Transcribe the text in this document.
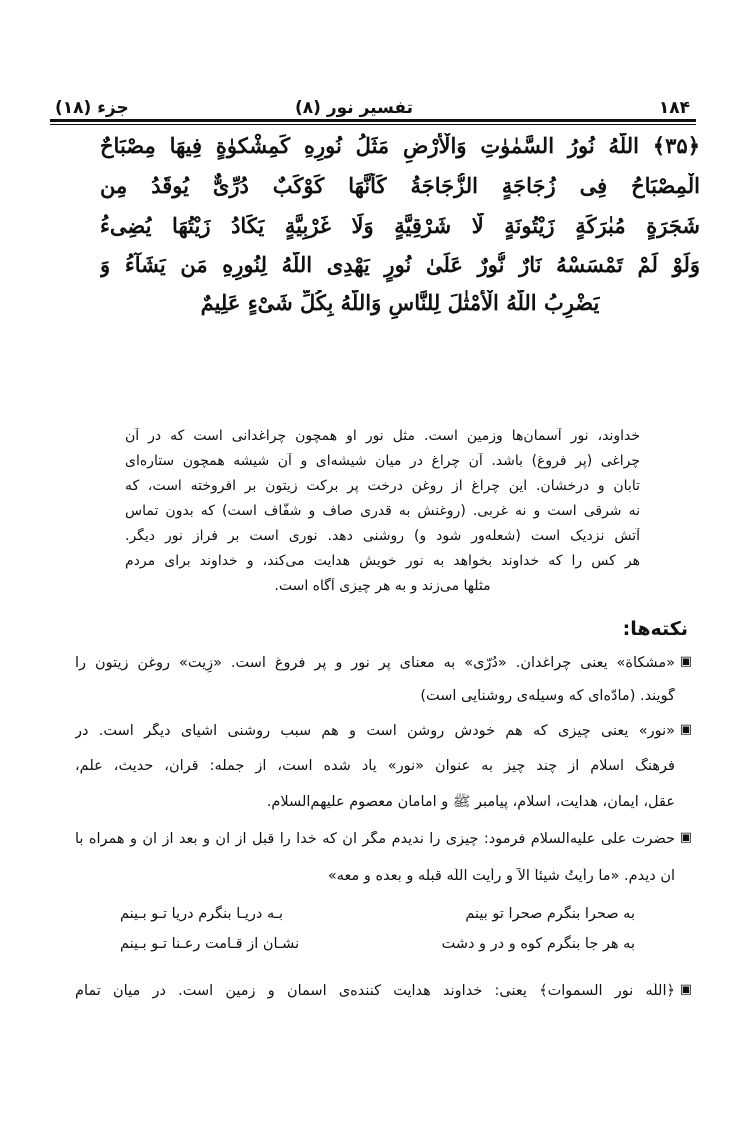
۱۸۴
تفسیر نور (۸)
جزء (۱۸)
﴿۳۵﴾ اللّهُ نُورُ السَّمٰوٰتِ وَالْأَرْضِ مَثَلُ نُورِهِ كَمِشْكوٰةٍ فِيهَا مِصْبَاحٌ
الْمِصْبَاحُ فِى زُجَاجَةٍ الزُّجَاجَةُ كَأَنَّهَا كَوْكَبٌ دُرِّىٌّ يُوقَدُ مِن
شَجَرَةٍ مُبٰرَكَةٍ زَيْتُونَةٍ لَّا شَرْقِيَّةٍ وَلَا غَرْبِيَّةٍ يَكَادُ زَيْتُهَا يُضِىءُ
وَلَوْ لَمْ تَمْسَسْهُ نَارٌ نُّورٌ عَلَىٰ نُورٍ يَهْدِى اللّهُ لِنُورِهِ مَن يَشَآءُ وَ
يَضْرِبُ اللّهُ الْأَمْثٰلَ لِلنَّاسِ وَاللّهُ بِكُلِّ شَىْءٍ عَلِيمٌ
خداوند، نور آسمان‌ها وزمین است. مثل نور او همچون چراغدانی است که در آن
چراغی (پر فروغ) باشد. آن چراغ در میان شیشه‌ای و آن شیشه همچون ستاره‌ای
تابان و درخشان. این چراغ از روغن درخت پر برکت زیتون بر افروخته است، که
نه شرقی است و نه غربی. (روغنش به قدری صاف و شفّاف است) که بدون تماس
آتش نزدیک است (شعله‌ور شود و) روشنی دهد. نوری است بر فراز نور دیگر.
هر کس را که خداوند بخواهد به نور خویش هدایت می‌کند، و خداوند برای مردم
مثلها می‌زند و به هر چیزی آگاه است.
نکته‌ها:
▣
«مشکاة» یعنی چراغدان. «دُرّی» به معنای پر نور و پر فروغ است. «زِیت» روغن زیتون را
گویند. (مادّه‌ای که وسیله‌ی روشنایی است)
▣
«نور» یعنی چیزی که هم خودش روشن است و هم سبب روشنی اشیای دیگر است. در
فرهنگ اسلام از چند چیز به عنوان «نور» یاد شده است، از جمله: قرآن، حدیث، علم،
عقل، ایمان، هدایت، اسلام، پیامبر ﷺ و امامان معصوم علیهم‌السلام.
▣
حضرت علی علیه‌السلام فرمود: چیزی را ندیدم مگر آن که خدا را قبل از آن و بعد از آن و همراه با
آن دیدم. «ما رأیتُ شیئاً الاّ و رأیت اللّه قبله و بعده و معه»
به صحرا بنگرم صحرا تو بینم
بـه دریـا بنگرم دریا تـو بـینم
به هر جا بنگرم کوه و در و دشت
نشـان از قـامت رعـنا تـو بـینم
▣
﴿اللّه نور السموات﴾ یعنی: خداوند هدایت کننده‌ی آسمان و زمین است. در میان تمام
